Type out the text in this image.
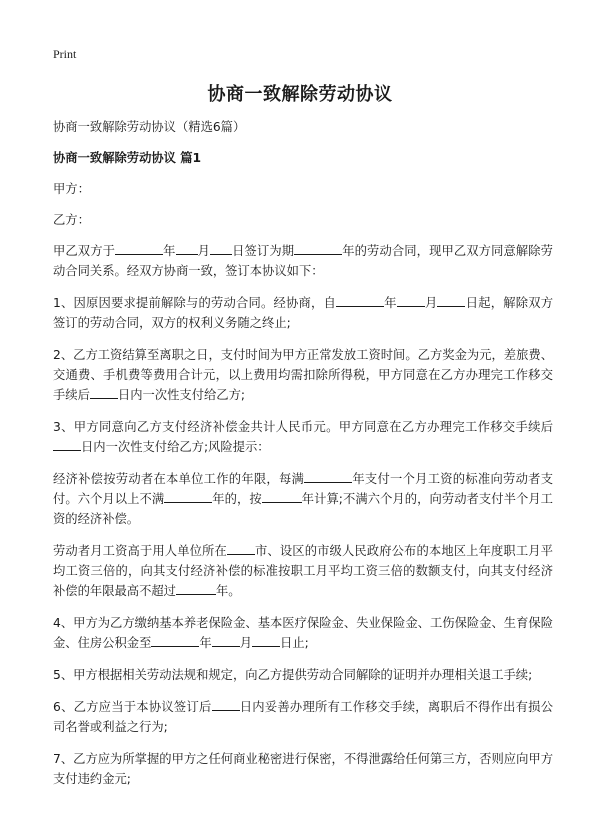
Print
协商一致解除劳动协议
协商一致解除劳动协议（精选6篇）
协商一致解除劳动协议 篇1
甲方：
乙方：
甲乙双方于	年 月 日签订为期	年的劳动合同，现甲乙双方同意解除劳动合同关系。经双方协商一致，签订本协议如下：
1、因原因要求提前解除与的劳动合同。经协商，自	年 月 日起，解除双方签订的劳动合同，双方的权利义务随之终止;
2、乙方工资结算至离职之日，支付时间为甲方正常发放工资时间。乙方奖金为元，差旅费、交通费、手机费等费用合计元，以上费用均需扣除所得税，甲方同意在乙方办理完工作移交手续后 日内一次性支付给乙方;
3、甲方同意向乙方支付经济补偿金共计人民币元。甲方同意在乙方办理完工作移交手续后日内一次性支付给乙方;风险提示：
经济补偿按劳动者在本单位工作的年限，每满	年支付一个月工资的标准向劳动者支付。六个月以上不满	年的，按	年计算;不满六个月的，向劳动者支付半个月工资的经济补偿。
劳动者月工资高于用人单位所在 市、设区的市级人民政府公布的本地区上年度职工月平均工资三倍的，向其支付经济补偿的标准按职工月平均工资三倍的数额支付，向其支付经济补偿的年限最高不超过	年。
4、甲方为乙方缴纳基本养老保险金、基本医疗保险金、失业保险金、工伤保险金、生育保险金、住房公积金至	年 月 日止;
5、甲方根据相关劳动法规和规定，向乙方提供劳动合同解除的证明并办理相关退工手续;
6、乙方应当于本协议签订后 日内妥善办理所有工作移交手续，离职后不得作出有损公司名誉或利益之行为;
7、乙方应为所掌握的甲方之任何商业秘密进行保密，不得泄露给任何第三方，否则应向甲方支付违约金元;
